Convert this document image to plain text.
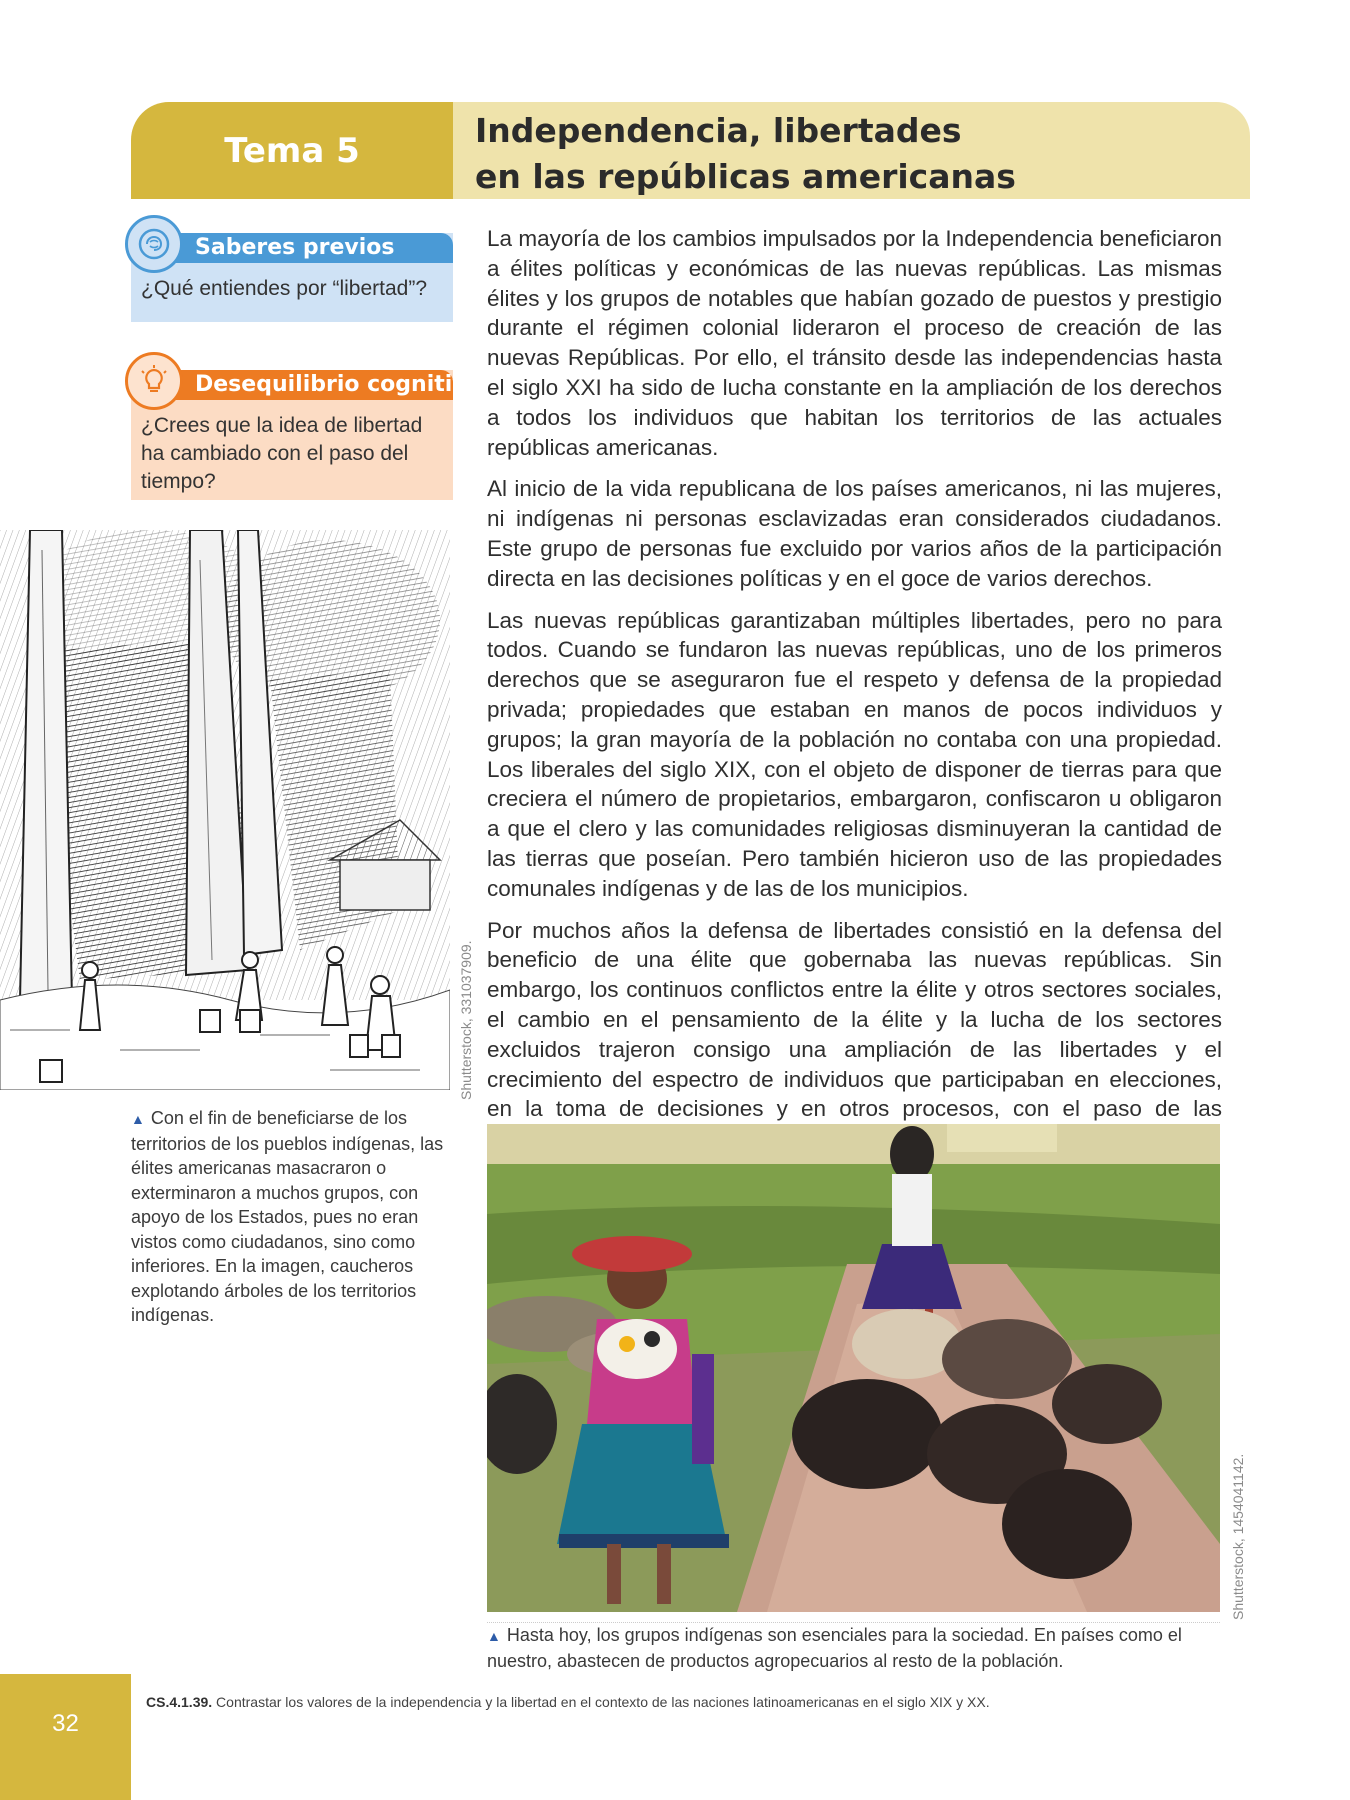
Tema 5	Independencia, libertades
en las repúblicas americanas
Saberes previos

¿Qué entiendes por “libertad”?

Desequilibrio cognitivo

¿Crees que la idea de libertad ha cambiado con el paso del tiempo?

Shutterstock, 331037909.

▲ Con el fin de beneficiarse de los territorios de los pueblos indígenas, las élites americanas masacraron o exterminaron a muchos grupos, con apoyo de los Estados, pues no eran vistos como ciudadanos, sino como inferiores. En la imagen, caucheros explotando árboles de los territorios indígenas.

La mayoría de los cambios impulsados por la Independencia beneficiaron a élites políticas y económicas de las nuevas repúblicas. Las mismas élites y los grupos de notables que habían gozado de puestos y prestigio durante el régimen colonial lideraron el proceso de creación de las nuevas Repúblicas. Por ello, el tránsito desde las independencias hasta el siglo XXI ha sido de lucha constante en la ampliación de los derechos a todos los individuos que habitan los territorios de las actuales repúblicas americanas.

Al inicio de la vida republicana de los países americanos, ni las mujeres, ni indígenas ni personas esclavizadas eran considerados ciudadanos. Este grupo de personas fue excluido por varios años de la participación directa en las decisiones políticas y en el goce de varios derechos.

Las nuevas repúblicas garantizaban múltiples libertades, pero no para todos. Cuando se fundaron las nuevas repúblicas, uno de los primeros derechos que se aseguraron fue el respeto y defensa de la propiedad privada; propiedades que estaban en manos de pocos individuos y grupos; la gran mayoría de la población no contaba con una propiedad. Los liberales del siglo XIX, con el objeto de disponer de tierras para que creciera el número de propietarios, embargaron, confiscaron u obligaron a que el clero y las comunidades religiosas disminuyeran la cantidad de las tierras que poseían. Pero también hicieron uso de las propiedades comunales indígenas y de las de los municipios.

Por muchos años la defensa de libertades consistió en la defensa del beneficio de una élite que gobernaba las nuevas repúblicas. Sin embargo, los continuos conflictos entre la élite y otros sectores sociales, el cambio en el pensamiento de la élite y la lucha de los sectores excluidos trajeron consigo una ampliación de las libertades y el crecimiento del espectro de individuos que participaban en elecciones, en la toma de decisiones y en otros procesos, con el paso de las

Shutterstock, 1454041142.

▲ Hasta hoy, los grupos indígenas son esenciales para la sociedad. En países como el nuestro, abastecen de productos agropecuarios al resto de la población.

32

CS.4.1.39. Contrastar los valores de la independencia y la libertad en el contexto de las naciones latinoamericanas en el siglo XIX y XX.
